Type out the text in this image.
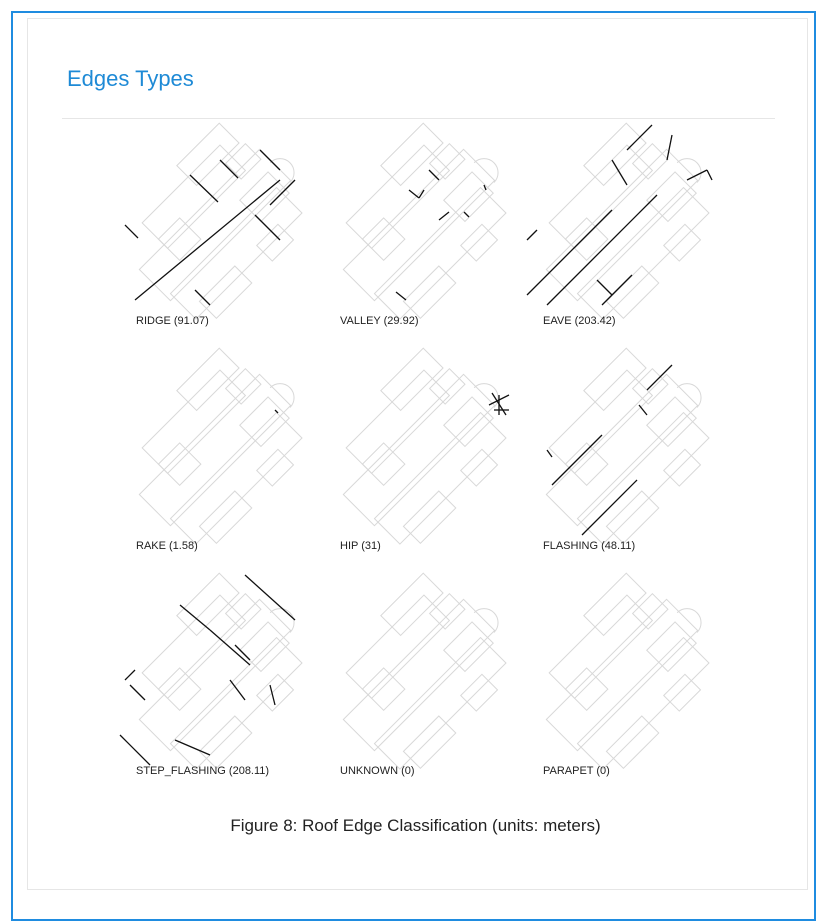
Edges Types
RIDGE (91.07)	VALLEY (29.92)	EAVE (203.42)
RAKE (1.58)	HIP (31)	FLASHING (48.11)
STEP_FLASHING (208.11)	UNKNOWN (0)	PARAPET (0)
Figure 8: Roof Edge Classification (units: meters)
